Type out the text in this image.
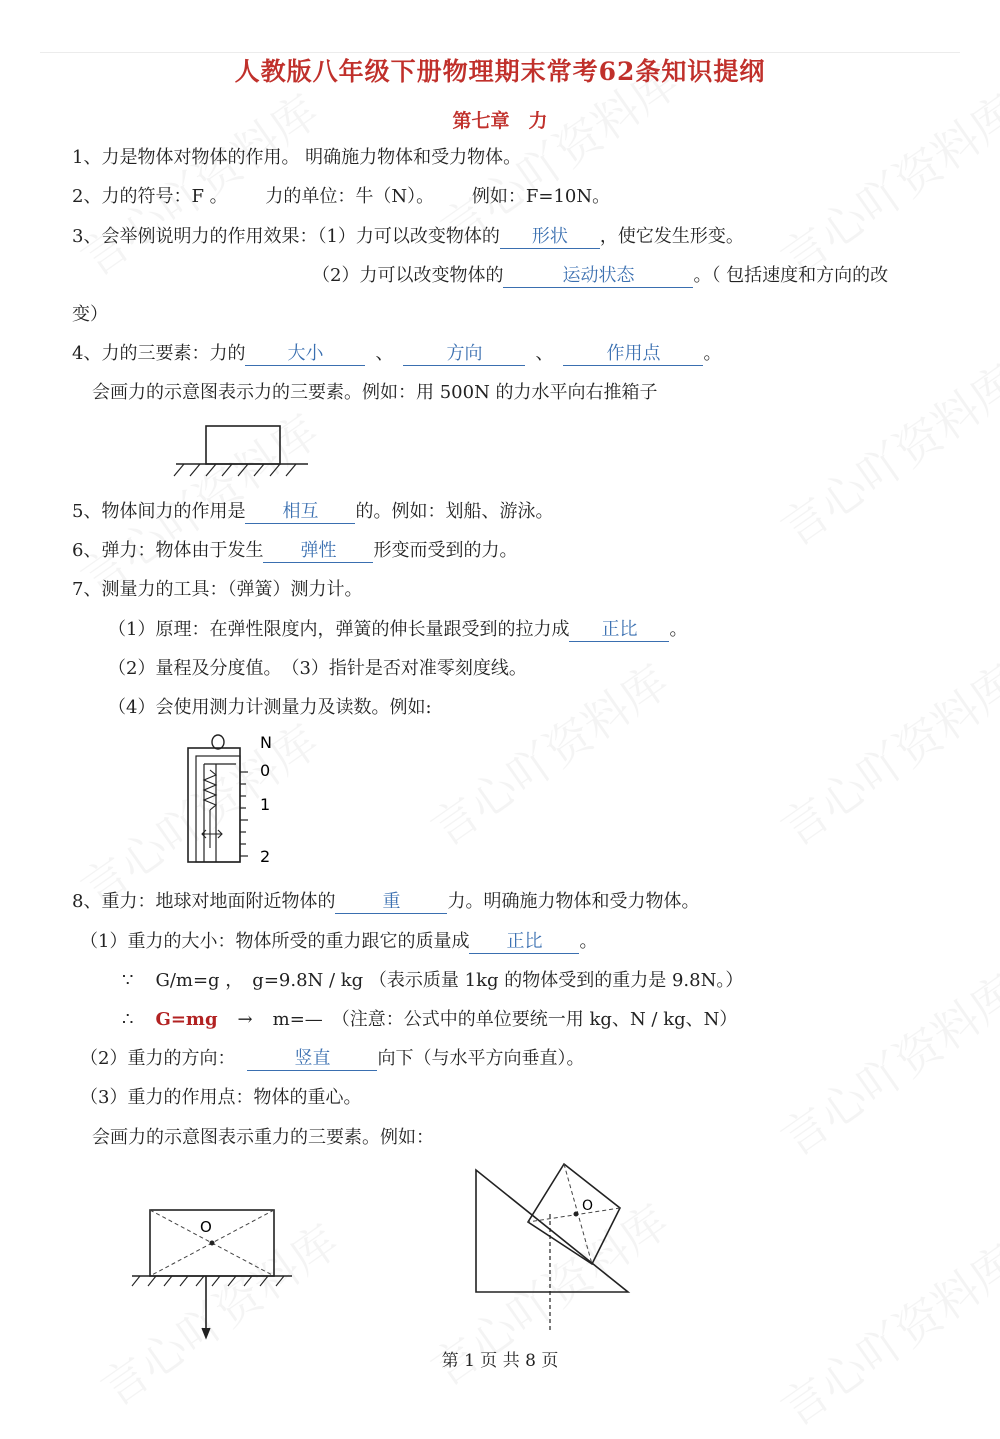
人教版八年级下册物理期末常考62条知识提纲
第七章　力
1、力是物体对物体的作用。 明确施力物体和受力物体。
2、力的符号：F 。 力的单位：牛（N）。 例如：F=10N。
3、会举例说明力的作用效果：（1）力可以改变物体的 形状 ，使它发生形变。
（2）力可以改变物体的	运动状态	。（ 包括速度和方向的改
变）
4、力的三要素：力的 大小	、	方向	、	作用点 。
会画力的示意图表示力的三要素。例如：用 500N 的力水平向右推箱子
5、物体间力的作用是 相互 的。例如：划船、游泳。
6、弹力：物体由于发生 弹性 形变而受到的力。
7、测量力的工具：（弹簧）测力计。
（1）原理：在弹性限度内，弹簧的伸长量跟受到的拉力成 正比 。
（2）量程及分度值。　（3）指针是否对准零刻度线。
（4）会使用测力计测量力及读数。例如:
N
0
1
2
8、重力：地球对地面附近物体的	重	力。明确施力物体和受力物体。
（1）重力的大小：物体所受的重力跟它的质量成 正比 。
∵ G/m=g ，　g=9.8N / kg （表示质量 1kg 的物体受到的重力是 9.8N。）
∴ G=mg → m=—　（注意：公式中的单位要统一用 kg、N / kg、N）
（2）重力的方向：	竖直	向下（与水平方向垂直）。
（3）重力的作用点：物体的重心。
会画力的示意图表示重力的三要素。例如：
O
O
第 1 页 共 8 页
